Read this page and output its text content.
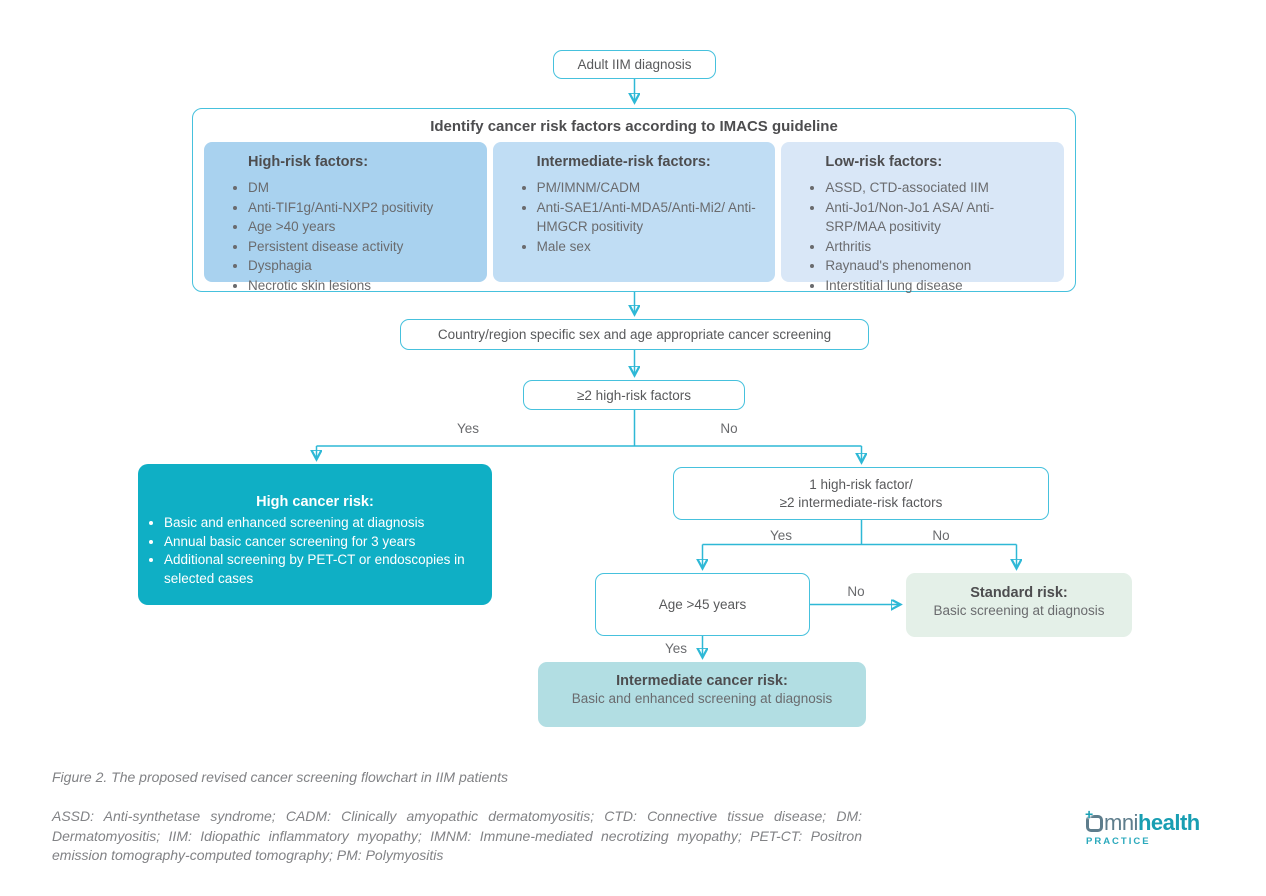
Adult IIM diagnosis
Identify cancer risk factors according to IMACS guideline
High-risk factors:
• DM
• Anti-TIF1g/Anti-NXP2 positivity
• Age >40 years
• Persistent disease activity
• Dysphagia
• Necrotic skin lesions
Intermediate-risk factors:
• PM/IMNM/CADM
• Anti-SAE1/Anti-MDA5/Anti-Mi2/ Anti-HMGCR positivity
• Male sex
Low-risk factors:
• ASSD, CTD-associated IIM
• Anti-Jo1/Non-Jo1 ASA/ Anti-SRP/MAA positivity
• Arthritis
• Raynaud's phenomenon
• Interstitial lung disease
Country/region specific sex and age appropriate cancer screening
≥2 high-risk factors
High cancer risk:
• Basic and enhanced screening at diagnosis
• Annual basic cancer screening for 3 years
• Additional screening by PET-CT or endoscopies in selected cases
1 high-risk factor/
≥2 intermediate-risk factors
Age >45 years
Standard risk:
Basic screening at diagnosis
Intermediate cancer risk:
Basic and enhanced screening at diagnosis
Yes	No
Yes	No
No
Yes
Figure 2. The proposed revised cancer screening flowchart in IIM patients
ASSD: Anti-synthetase syndrome; CADM: Clinically amyopathic dermatomyositis; CTD: Connective tissue disease; DM: Dermatomyositis; IIM: Idiopathic inflammatory myopathy; IMNM: Immune-mediated necrotizing myopathy; PET-CT: Positron emission tomography-computed tomography; PM: Polymyositis
+ mni health
PRACTICE
